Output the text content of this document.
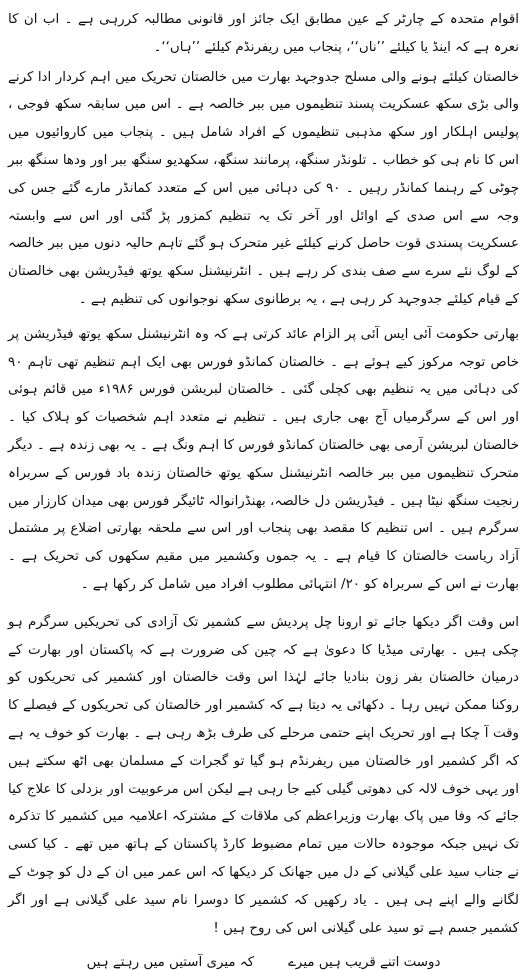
اقوام متحدہ کے چارٹر کے عین مطابق ایک جائز اور قانونی مطالبہ کررہی ہے ۔ اب ان کا نعرہ ہے کہ اینڈ یا کیلئے ’’ناں‘‘، پنجاب میں ریفرنڈم کیلئے ’’ہاں‘‘۔

خالصتان کیلئے ہونے والی مسلح جدوجہد بھارت میں خالصتان تحریک میں اہم کردار ادا کرنے والی بڑی سکھ عسکریت پسند تنظیموں میں ببر خالصہ ہے ۔ اس میں سابقہ سکھ فوجی ، پولیس اہلکار اور سکھ مذہبی تنظیموں کے افراد شامل ہیں ۔ پنجاب میں کاروائیوں میں اس کا نام ہی کو خطاب ۔ تلونڈر سنگھ، پرمانند سنگھ، سکھدیو سنگھ ببر اور ودھا سنگھ ببر چوٹی کے رہنما کمانڈر رہیں ۔ ۹۰ کی دہائی میں اس کے متعدد کمانڈر مارے گئے جس کی وجہ سے اس صدی کے اوائل اور آخر تک یہ تنظیم کمزور پڑ گئی اور اس سے وابستہ عسکریت پسندی قوت حاصل کرنے کیلئے غیر متحرک ہو گئے تاہم حالیہ دنوں میں ببر خالصہ کے لوگ نئے سرے سے صف بندی کر رہے ہیں ۔ انٹرنیشنل سکھ یوتھ فیڈریشن بھی خالصتان کے قیام کیلئے جدوجہد کر رہی ہے ، یہ برطانوی سکھ نوجوانوں کی تنظیم ہے ۔

بھارتی حکومت آئی ایس آئی پر الزام عائد کرتی ہے کہ وہ انٹرنیشنل سکھ یوتھ فیڈریشن پر خاص توجہ مرکوز کیے ہوئے ہے ۔ خالصتان کمانڈو فورس بھی ایک اہم تنظیم تھی تاہم ۹۰ کی دہائی میں یہ تنظیم بھی کچلی گئی ۔ خالصتان لبریشن فورس ۱۹۸۶ء میں قائم ہوئی اور اس کے سرگرمیاں آج بھی جاری ہیں ۔ تنظیم نے متعدد اہم شخصیات کو ہلاک کیا ۔ خالصتان لبریشن آرمی بھی خالصتان کمانڈو فورس کا اہم ونگ ہے ۔ یہ بھی زندہ ہے ۔ دیگر متحرک تنظیموں میں ببر خالصہ انٹرنیشنل سکھ یوتھ خالصتان زندہ باد فورس کے سربراہ رنجیت سنگھ نیٹا ہیں ۔ فیڈریشن دل خالصہ، بھنڈرانوالہ ٹائیگر فورس بھی میدان کارزار میں سرگرم ہیں ۔ اس تنظیم کا مقصد بھی پنجاب اور اس سے ملحقہ بھارتی اضلاع پر مشتمل آزاد ریاست خالصتان کا قیام ہے ۔ یہ جموں وکشمیر میں مقیم سکھوں کی تحریک ہے ۔ بھارت نے اس کے سربراہ کو ۲۰/ انتہائی مطلوب افراد میں شامل کر رکھا ہے ۔

اس وقت اگر دیکھا جائے تو ارونا چل پردیش سے کشمیر تک آزادی کی تحریکیں سرگرم ہو چکی ہیں ۔ بھارتی میڈیا کا دعویٰ ہے کہ چین کی ضرورت ہے کہ پاکستان اور بھارت کے درمیان خالصتان بفر زون بنادیا جائے لہٰذا اس وقت خالصتان اور کشمیر کی تحریکوں کو روکنا ممکن نہیں رہا ۔ دکھائی یہ دیتا ہے کہ کشمیر اور خالصتان کی تحریکوں کے فیصلے کا وقت آ چکا ہے اور تحریک اپنے حتمی مرحلے کی طرف بڑھ رہی ہے ۔ بھارت کو خوف یہ ہے کہ اگر کشمیر اور خالصتان میں ریفرنڈم ہو گیا تو گجرات کے مسلمان بھی اٹھ سکتے ہیں اور یہی خوف لالہ کی دھوتی گیلی کیے جا رہی ہے لیکن اس مرعوبیت اور بزدلی کا علاج کیا جائے کہ وفا میں پاک بھارت وزیراعظم کی ملاقات کے مشترکہ اعلامیہ میں کشمیر کا تذکرہ تک نہیں جبکہ موجودہ حالات میں تمام مضبوط کارڈ پاکستان کے ہاتھ میں تھے ۔ کیا کسی نے جناب سید علی گیلانی کے دل میں جھانک کر دیکھا کہ اس عمر میں ان کے دل کو چوٹ کے لگانے والے اپنے ہی ہیں ۔ یاد رکھیں کہ کشمیر کا دوسرا نام سید علی گیلانی ہے اور اگر کشمیر جسم ہے تو سید علی گیلانی اس کی روح ہیں !

دوست اتنے قریب ہیں میرے
کہ میری آستیں میں رہتے ہیں
